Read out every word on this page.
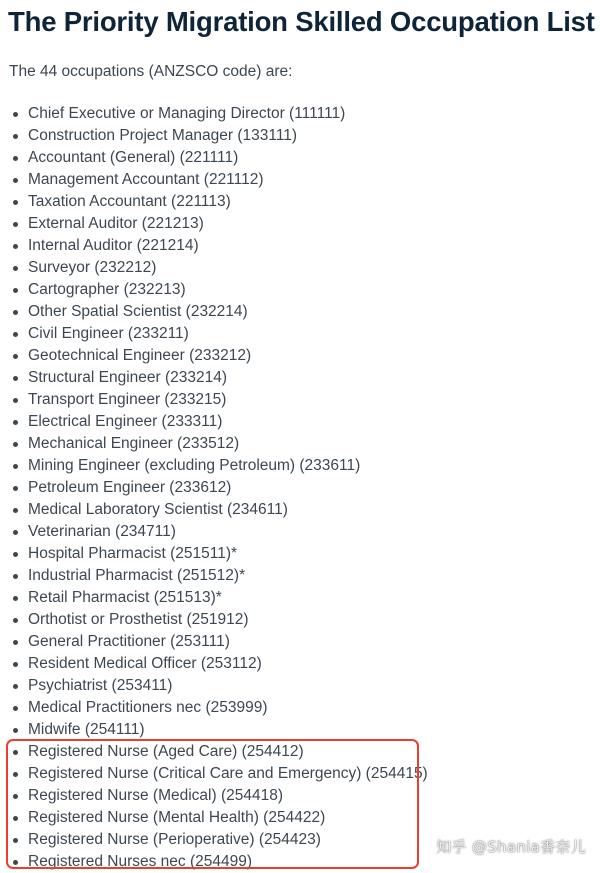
The Priority Migration Skilled Occupation List

The 44 occupations (ANZSCO code) are:

Chief Executive or Managing Director (111111)
Construction Project Manager (133111)
Accountant (General) (221111)
Management Accountant (221112)
Taxation Accountant (221113)
External Auditor (221213)
Internal Auditor (221214)
Surveyor (232212)
Cartographer (232213)
Other Spatial Scientist (232214)
Civil Engineer (233211)
Geotechnical Engineer (233212)
Structural Engineer (233214)
Transport Engineer (233215)
Electrical Engineer (233311)
Mechanical Engineer (233512)
Mining Engineer (excluding Petroleum) (233611)
Petroleum Engineer (233612)
Medical Laboratory Scientist (234611)
Veterinarian (234711)
Hospital Pharmacist (251511)*
Industrial Pharmacist (251512)*
Retail Pharmacist (251513)*
Orthotist or Prosthetist (251912)
General Practitioner (253111)
Resident Medical Officer (253112)
Psychiatrist (253411)
Medical Practitioners nec (253999)
Midwife (254111)
Registered Nurse (Aged Care) (254412)
Registered Nurse (Critical Care and Emergency) (254415)
Registered Nurse (Medical) (254418)
Registered Nurse (Mental Health) (254422)
Registered Nurse (Perioperative) (254423)
Registered Nurses nec (254499)
知乎 @Shania香奈儿
